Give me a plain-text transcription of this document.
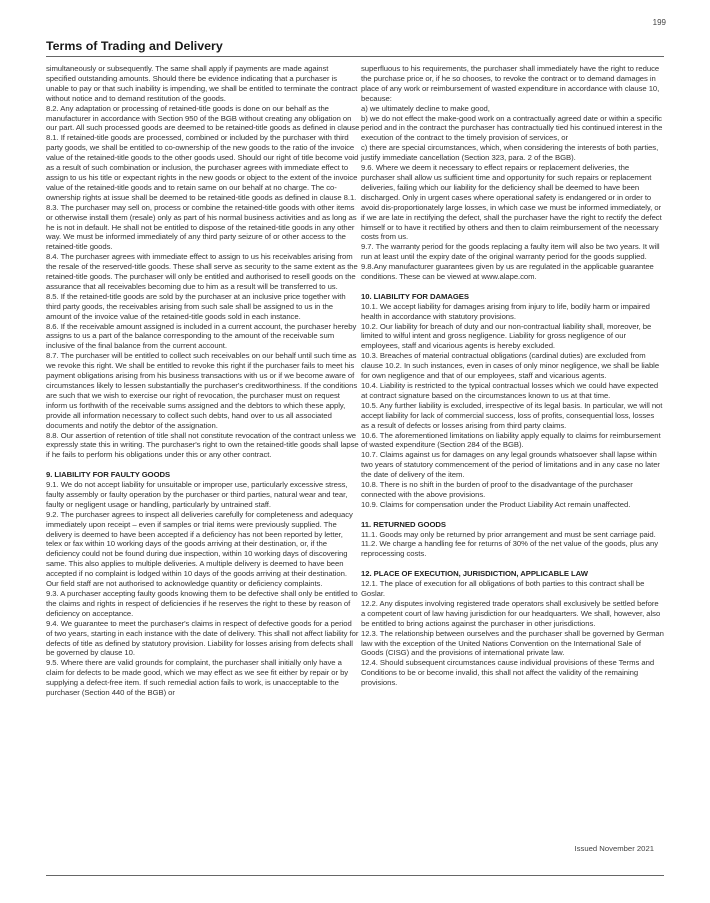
199
Terms of Trading and Delivery

simultaneously or subsequently. The same shall apply if payments are made against specified outstanding amounts. Should there be evidence indicating that a purchaser is unable to pay or that such inability is impending, we shall be entitled to terminate the contract without notice and to demand restitution of the goods.

8.2. Any adaptation or processing of retained-title goods is done on our behalf as the manufacturer in accordance with Section 950 of the BGB without creating any obligation on our part. All such processed goods are deemed to be retained-title goods as defined in clause 8.1. If retained-title goods are processed, combined or included by the purchaser with third party goods, we shall be entitled to co-ownership of the new goods to the ratio of the invoice value of the retained-title goods to the other goods used. Should our right of title become void as a result of such combination or inclusion, the purchaser agrees with immediate effect to assign to us his title or expectant rights in the new goods or object to the extent of the invoice value of the retained-title goods and to retain same on our behalf at no charge. The co-ownership rights at issue shall be deemed to be retained-title goods as defined in clause 8.1.

8.3. The purchaser may sell on, process or combine the retained-title goods with other items or otherwise install them (resale) only as part of his normal business activities and as long as he is not in default. He shall not be entitled to dispose of the retained-title goods in any other way. We must be informed immediately of any third party seizure of or other access to the retained-title goods.

8.4. The purchaser agrees with immediate effect to assign to us his receivables arising from the resale of the reserved-title goods. These shall serve as security to the same extent as the retained-title goods. The purchaser will only be entitled and authorised to resell goods on the assurance that all receivables becoming due to him as a result will be transferred to us.

8.5. If the retained-title goods are sold by the purchaser at an inclusive price together with third party goods, the receivables arising from such sale shall be assigned to us in the amount of the invoice value of the retained-title goods sold in each instance.

8.6. If the receivable amount assigned is included in a current account, the purchaser hereby assigns to us a part of the balance corresponding to the amount of the receivable sum inclusive of the final balance from the current account.

8.7. The purchaser will be entitled to collect such receivables on our behalf until such time as we revoke this right. We shall be entitled to revoke this right if the purchaser fails to meet his payment obligations arising from his business transactions with us or if we become aware of circumstances likely to lessen substantially the purchaser's creditworthiness. If the conditions are such that we wish to exercise our right of revocation, the purchaser must on request inform us forthwith of the receivable sums assigned and the debtors to which these apply, provide all information necessary to collect such debts, hand over to us all associated documents and notify the debtor of the assignation.

8.8. Our assertion of retention of title shall not constitute revocation of the contract unless we expressly state this in writing. The purchaser's right to own the retained-title goods shall lapse if he fails to perform his obligations under this or any other contract.

9. LIABILITY FOR FAULTY GOODS

9.1. We do not accept liability for unsuitable or improper use, particularly excessive stress, faulty assembly or faulty operation by the purchaser or third parties, natural wear and tear, faulty or negligent usage or handling, particularly by untrained staff.

9.2. The purchaser agrees to inspect all deliveries carefully for completeness and adequacy immediately upon receipt – even if samples or trial items were previously supplied. The delivery is deemed to have been accepted if a deficiency has not been reported by letter, telex or fax within 10 working days of the goods arriving at their destination, or, if the deficiency could not be found during due inspection, within 10 working days of discovering same. This also applies to multiple deliveries. A multiple delivery is deemed to have been accepted if no complaint is lodged within 10 days of the goods arriving at their destination. Our field staff are not authorised to acknowledge quantity or deficiency complaints.

9.3. A purchaser accepting faulty goods knowing them to be defective shall only be entitled to the claims and rights in respect of deficiencies if he reserves the right to these by reason of deficiency on acceptance.

9.4. We guarantee to meet the purchaser's claims in respect of defective goods for a period of two years, starting in each instance with the date of delivery. This shall not affect liability for defects of title as defined by statutory provision. Liability for losses arising from defects shall be governed by clause 10.

9.5. Where there are valid grounds for complaint, the purchaser shall initially only have a claim for defects to be made good, which we may effect as we see fit either by repair or by supplying a defect-free item. If such remedial action fails to work, is unacceptable to the purchaser (Section 440 of the BGB) or

superfluous to his requirements, the purchaser shall immediately have the right to reduce the purchase price or, if he so chooses, to revoke the contract or to demand damages in place of any work or reimbursement of wasted expenditure in accordance with clause 10, because:

a) we ultimately decline to make good,

b) we do not effect the make-good work on a contractually agreed date or within a specific period and in the contract the purchaser has contractually tied his continued interest in the execution of the contract to the timely provision of services, or

c) there are special circumstances, which, when considering the interests of both parties, justify immediate cancellation (Section 323, para. 2 of the BGB).

9.6. Where we deem it necessary to effect repairs or replacement deliveries, the purchaser shall allow us sufficient time and opportunity for such repairs or replacement deliveries, failing which our liability for the deficiency shall be deemed to have been discharged. Only in urgent cases where operational safety is endangered or in order to avoid dis-proportionately large losses, in which case we must be informed immediately, or if we are late in rectifying the defect, shall the purchaser have the right to rectify the defect himself or to have it rectified by others and then to claim reimbursement of the necessary costs from us.

9.7. The warranty period for the goods replacing a faulty item will also be two years. It will run at least until the expiry date of the original warranty period for the goods supplied.

9.8.Any manufacturer guarantees given by us are regulated in the applicable guarantee conditions. These can be viewed at www.alape.com.

10. LIABILITY FOR DAMAGES

10.1. We accept liability for damages arising from injury to life, bodily harm or impaired health in accordance with statutory provisions.

10.2. Our liability for breach of duty and our non-contractual liability shall, moreover, be limited to wilful intent and gross negligence. Liability for gross negligence of our employees, staff and vicarious agents is hereby excluded.

10.3. Breaches of material contractual obligations (cardinal duties) are excluded from clause 10.2. In such instances, even in cases of only minor negligence, we shall be liable for own negligence and that of our employees, staff and vicarious agents.

10.4. Liability is restricted to the typical contractual losses which we could have expected at contract signature based on the circumstances known to us at that time.

10.5. Any further liability is excluded, irrespective of its legal basis. In particular, we will not accept liability for lack of commercial success, loss of profits, consequential loss, losses as a result of defects or losses arising from third party claims.

10.6. The aforementioned limitations on liability apply equally to claims for reimbursement of wasted expenditure (Section 284 of the BGB).

10.7. Claims against us for damages on any legal grounds whatsoever shall lapse within two years of statutory commencement of the period of limitations and in any case no later the date of delivery of the item.

10.8. There is no shift in the burden of proof to the disadvantage of the purchaser connected with the above provisions.

10.9. Claims for compensation under the Product Liability Act remain unaffected.

11. RETURNED GOODS

11.1. Goods may only be returned by prior arrangement and must be sent carriage paid.

11.2. We charge a handling fee for returns of 30% of the net value of the goods, plus any reprocessing costs.

12. PLACE OF EXECUTION, JURISDICTION, APPLICABLE LAW

12.1. The place of execution for all obligations of both parties to this contract shall be Goslar.

12.2. Any disputes involving registered trade operators shall exclusively be settled before a competent court of law having jurisdiction for our headquarters. We shall, however, also be entitled to bring actions against the purchaser in other jurisdictions.

12.3. The relationship between ourselves and the purchaser shall be governed by German law with the exception of the United Nations Convention on the International Sale of Goods (CISG) and the provisions of international private law.

12.4. Should subsequent circumstances cause individual provisions of these Terms and Conditions to be or become invalid, this shall not affect the validity of the remaining provisions.

Issued November 2021
